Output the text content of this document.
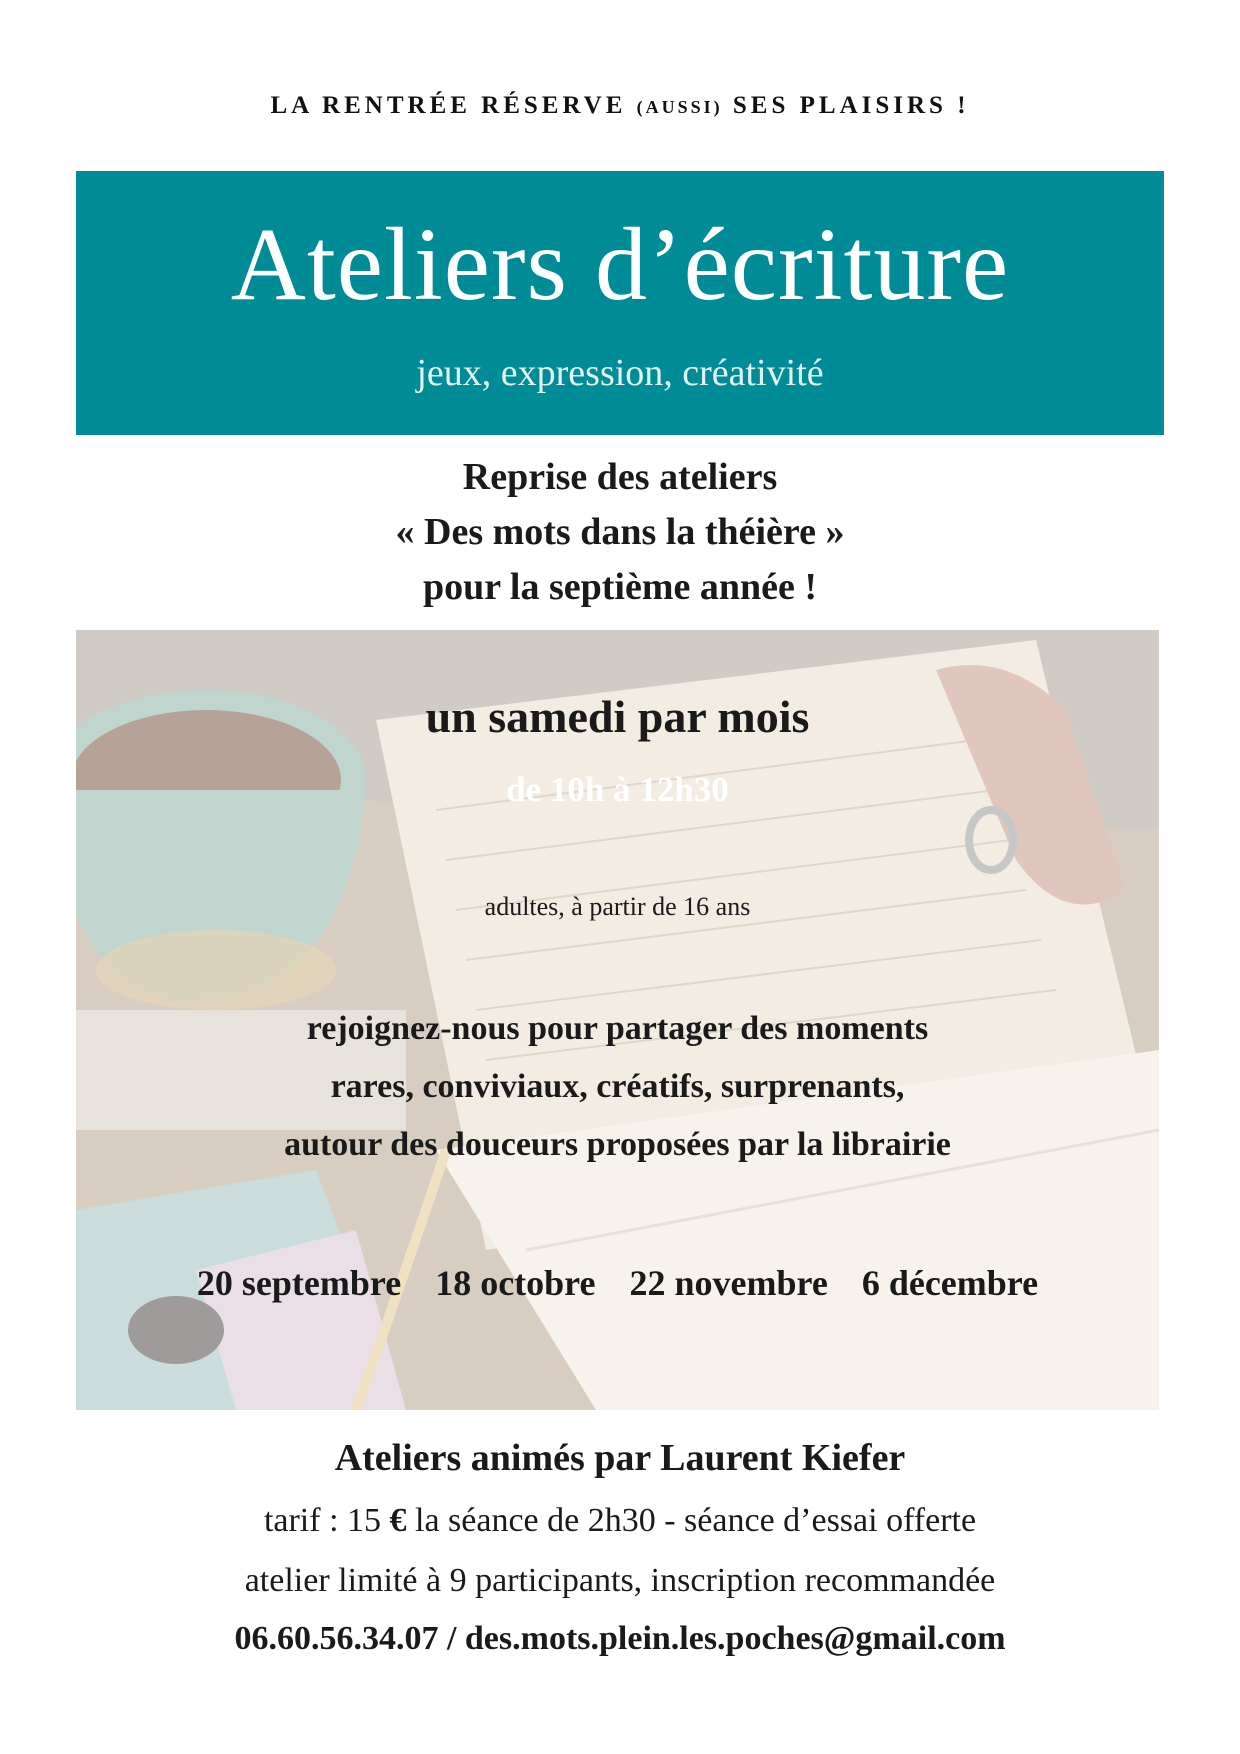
LA RENTRÉE RÉSERVE (AUSSI) SES PLAISIRS !
Ateliers d’écriture
jeux, expression, créativité
Reprise des ateliers
« Des mots dans la théière »
pour la septième année !
un samedi par mois
de 10h à 12h30
adultes, à partir de 16 ans
rejoignez-nous pour partager des moments
rares, conviviaux, créatifs, surprenants,
autour des douceurs proposées par la librairie
20 septembre 18 octobre 22 novembre 6 décembre
Ateliers animés par Laurent Kiefer
tarif : 15 € la séance de 2h30 - séance d’essai offerte
atelier limité à 9 participants, inscription recommandée
06.60.56.34.07 / des.mots.plein.les.poches@gmail.com
